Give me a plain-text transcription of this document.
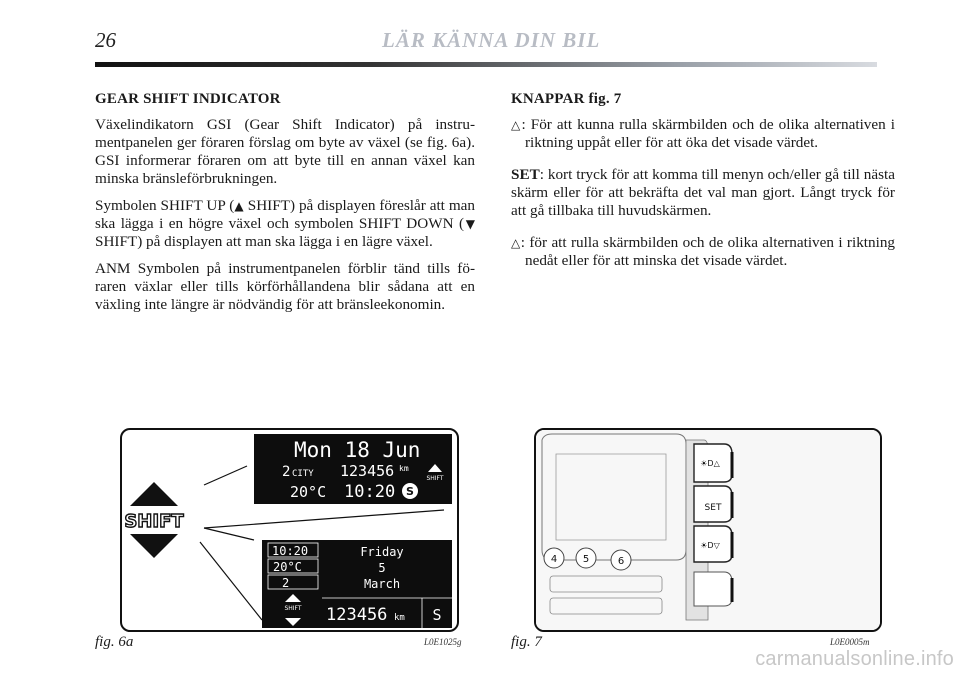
26	LÄR KÄNNA DIN BIL
GEAR SHIFT INDICATOR

Växelindikatorn GSI (Gear Shift Indicator) på instrumentpanelen ger föraren förslag om byte av växel (se fig. 6a). GSI informerar föraren om att byte till en annan växel kan minska bränsleförbrukningen.

Symbolen SHIFT UP (▲ SHIFT) på displayen föreslår att man ska lägga i en högre växel och symbolen SHIFT DOWN (▼ SHIFT) på displayen att man ska lägga i en lägre växel.

ANM Symbolen på instrumentpanelen förblir tänd tills föraren växlar eller tills körförhållandena blir sådana att en växling inte längre är nödvändig för att bränsleekonomin.

KNAPPAR fig. 7

△: För att kunna rulla skärmbilden och de olika alternativen i riktning uppåt eller för att öka det visade värdet.

SET: kort tryck för att komma till menyn och/eller gå till nästa skärm eller för att bekräfta det val man gjort. Långt tryck för att gå tillbaka till huvudskärmen.

△: för att rulla skärmbilden och de olika alternativen i riktning nedåt eller för att minska det visade värdet.

SHIFT
Mon 18 Jun
2 CITY 123456 km
SHIFT
20°C 10:20 S
10:20
20°C
2
SHIFT
Friday
5
March
123456 km S
4	5	6
☀D△
SET
☀D▽
fig. 6a	L0E1025g	fig. 7	L0E0005m
carmanualsonline.info
